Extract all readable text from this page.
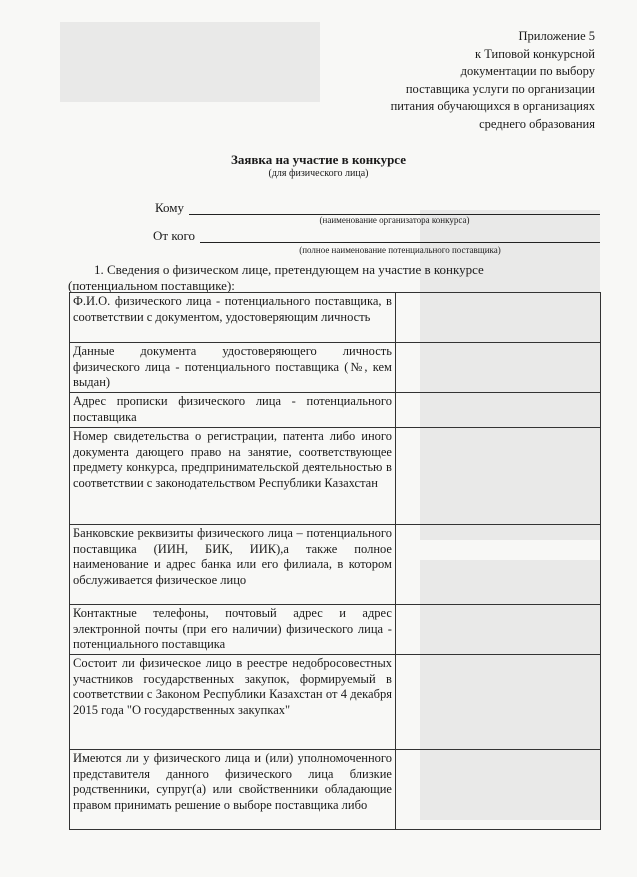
Приложение 5
к Типовой конкурсной
документации по выбору
поставщика услуги по организации
питания обучающихся в организациях
среднего образования
Заявка на участие в конкурсе
(для физического лица)
Кому
(наименование организатора конкурса)
От кого
(полное наименование потенциального поставщика)
1. Сведения о физическом лице, претендующем на участие в конкурсе
(потенциальном поставщике):
Ф.И.О. физического лица - потенциального поставщика, в соответствии с документом, удостоверяющим личность	
Данные документа удостоверяющего личность физического лица - потенциального поставщика (№, кем выдан)	
Адрес прописки физического лица - потенциального поставщика	
Номер свидетельства о регистрации, патента либо иного документа дающего право на занятие, соответствующее предмету конкурса, предпринимательской деятельностью в соответствии с законодательством Республики Казахстан	
Банковские реквизиты физического лица – потенциального поставщика (ИИН, БИК, ИИК),а также полное наименование и адрес банка или его филиала, в котором обслуживается физическое лицо	
Контактные телефоны, почтовый адрес и адрес электронной почты (при его наличии) физического лица - потенциального поставщика	
Состоит ли физическое лицо в реестре недобросовестных участников государственных закупок, формируемый в соответствии с Законом Республики Казахстан от 4 декабря 2015 года "О государственных закупках"	
Имеются ли у физического лица и (или) уполномоченного представителя данного физического лица близкие родственники, супруг(а) или свойственники обладающие правом принимать решение о выборе поставщика либо	
